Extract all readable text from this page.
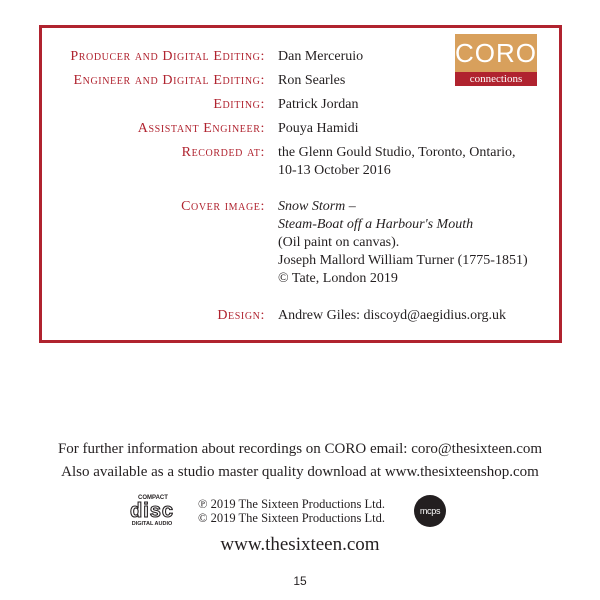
Producer and Digital Editing: Dan Merceruio
Engineer and Digital Editing: Ron Searles
Editing: Patrick Jordan
Assistant Engineer: Pouya Hamidi
Recorded at: the Glenn Gould Studio, Toronto, Ontario,
10-13 October 2016
Cover image: Snow Storm –
Steam-Boat off a Harbour's Mouth
(Oil paint on canvas).
Joseph Mallord William Turner (1775-1851)
© Tate, London 2019
Design: Andrew Giles: discoyd@aegidius.org.uk
CORO
connections
For further information about recordings on CORO email: coro@thesixteen.com
Also available as a studio master quality download at www.thesixteenshop.com
COMPACT
disc
DIGITAL AUDIO
℗ 2019 The Sixteen Productions Ltd.
© 2019 The Sixteen Productions Ltd.	mcps
www.thesixteen.com
15
